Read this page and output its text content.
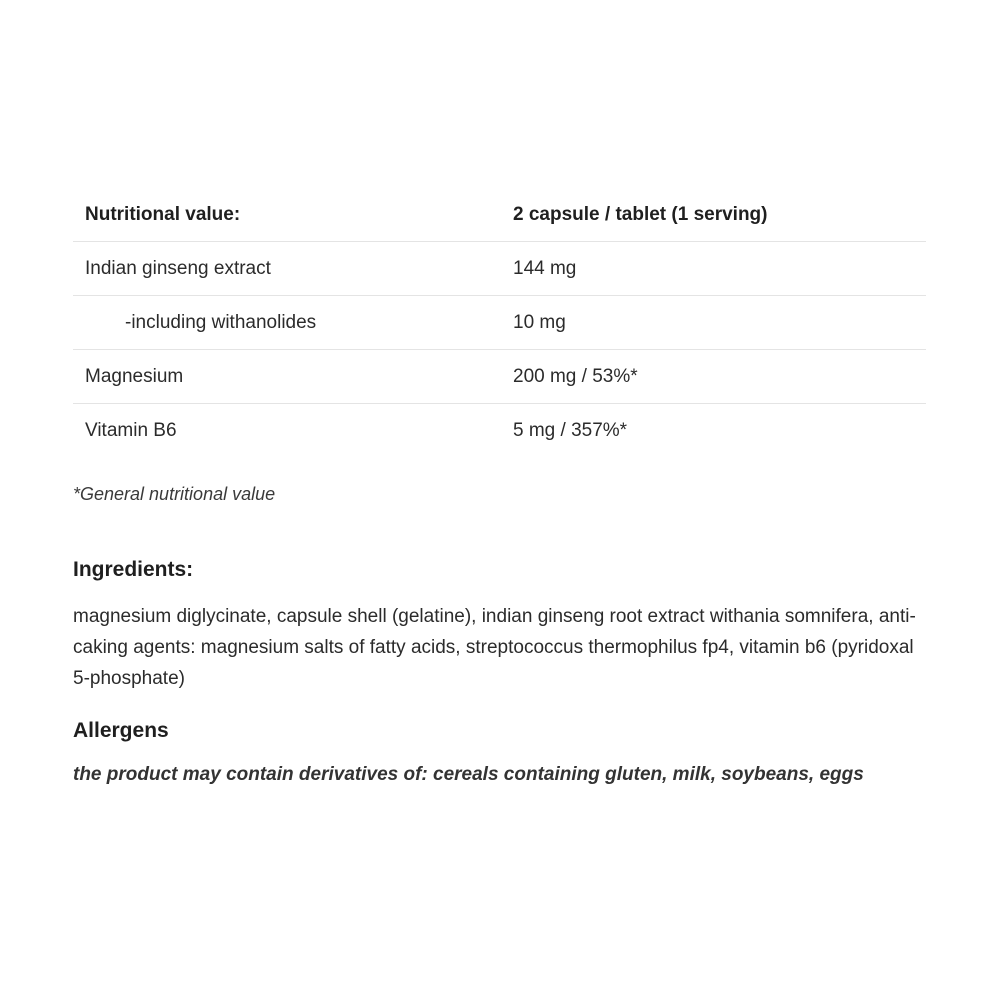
Nutritional value:	2 capsule / tablet (1 serving)
Indian ginseng extract	144 mg
-including withanolides	10 mg
Magnesium	200 mg / 53%*
Vitamin B6	5 mg / 357%*

*General nutritional value

Ingredients:

magnesium diglycinate, capsule shell (gelatine), indian ginseng root extract withania somnifera, anti-caking agents: magnesium salts of fatty acids, streptococcus thermophilus fp4, vitamin b6 (pyridoxal 5-phosphate)

Allergens

the product may contain derivatives of: cereals containing gluten, milk, soybeans, eggs
